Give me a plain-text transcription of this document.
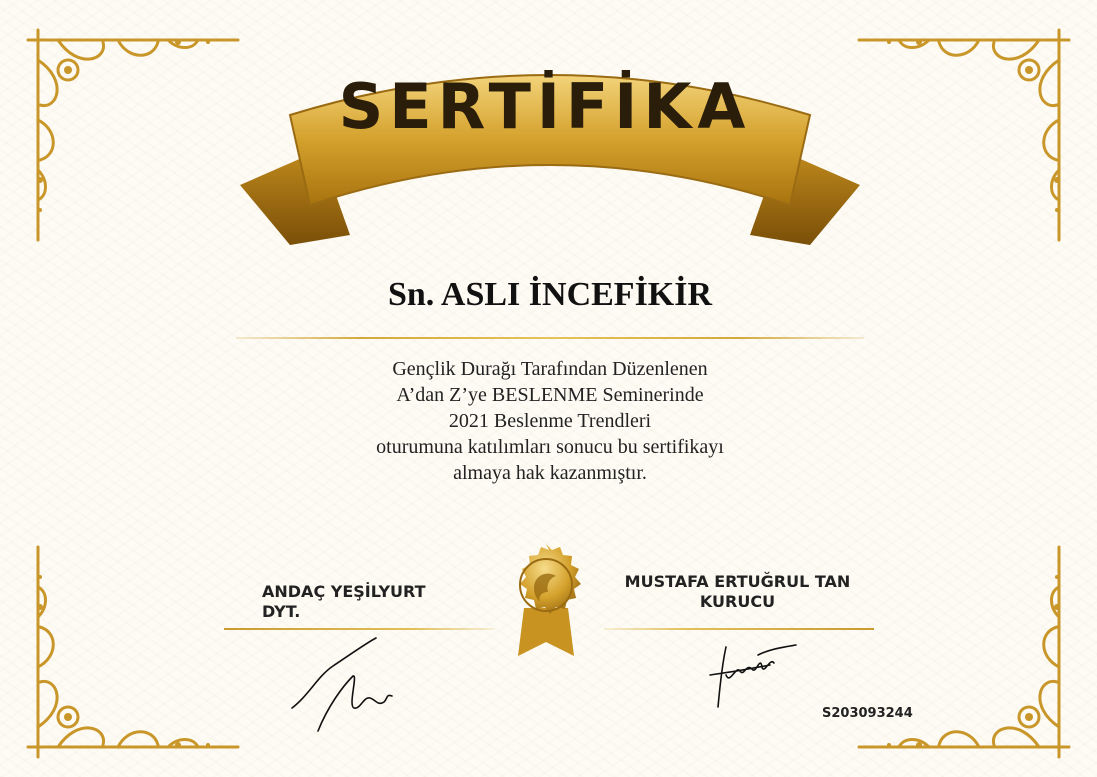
SERTİFİKA
Sn. ASLI İNCEFİKİR
Gençlik Durağı Tarafından Düzenlenen
A’dan Z’ye BESLENME Seminerinde
2021 Beslenme Trendleri
oturumuna katılımları sonucu bu sertifikayı
almaya hak kazanmıştır.
ANDAÇ YEŞİLYURT
DYT.
MUSTAFA ERTUĞRUL TAN
KURUCU
S203093244
